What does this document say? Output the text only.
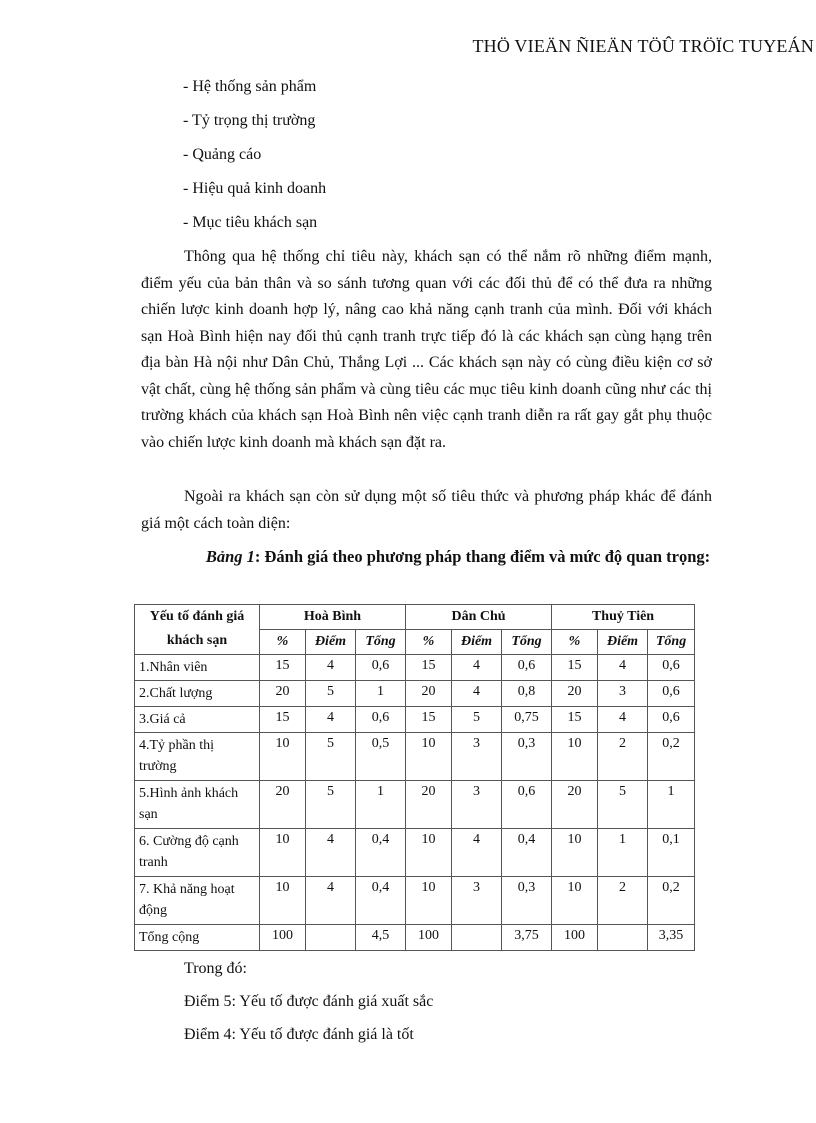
THÖ VIEÄN ÑIEÄN TÖÛ TRÖÏC TUYEÁN
- Hệ thống sản phẩm
- Tỷ trọng thị trường
- Quảng cáo
- Hiệu quả kinh doanh
- Mục tiêu khách sạn

Thông qua hệ thống chỉ tiêu này, khách sạn có thể nắm rõ những điểm mạnh, điểm yếu của bản thân và so sánh tương quan với các đối thủ để có thể đưa ra những chiến lược kinh doanh hợp lý, nâng cao khả năng cạnh tranh của mình. Đối với khách sạn Hoà Bình hiện nay đối thủ cạnh tranh trực tiếp đó là các khách sạn cùng hạng trên địa bàn Hà nội như Dân Chủ, Thắng Lợi ... Các khách sạn này có cùng điều kiện cơ sở vật chất, cùng hệ thống sản phẩm và cùng tiêu các mục tiêu kinh doanh cũng như các thị trường khách của khách sạn Hoà Bình nên việc cạnh tranh diễn ra rất gay gắt phụ thuộc vào chiến lược kinh doanh mà khách sạn đặt ra.

Ngoài ra khách sạn còn sử dụng một số tiêu thức và phương pháp khác để đánh giá một cách toàn diện:

Bảng 1: Đánh giá theo phương pháp thang điểm và mức độ quan trọng:
Yếu tố đánh giá khách sạn	Hoà Bình			Dân Chủ			Thuỷ Tiên		
	%	Điểm	Tổng	%	Điểm	Tổng	%	Điểm	Tổng
1.Nhân viên	15	4	0,6	15	4	0,6	15	4	0,6
2.Chất lượng	20	5	1	20	4	0,8	20	3	0,6
3.Giá cả	15	4	0,6	15	5	0,75	15	4	0,6
4.Tỷ phần thị trường	10	5	0,5	10	3	0,3	10	2	0,2
5.Hình ảnh khách sạn	20	5	1	20	3	0,6	20	5	1
6. Cường độ cạnh tranh	10	4	0,4	10	4	0,4	10	1	0,1
7. Khả năng hoạt động	10	4	0,4	10	3	0,3	10	2	0,2
Tổng cộng	100		4,5	100		3,75	100		3,35
Trong đó:
Điểm 5: Yếu tố được đánh giá xuất sắc
Điểm 4: Yếu tố được đánh giá là tốt
